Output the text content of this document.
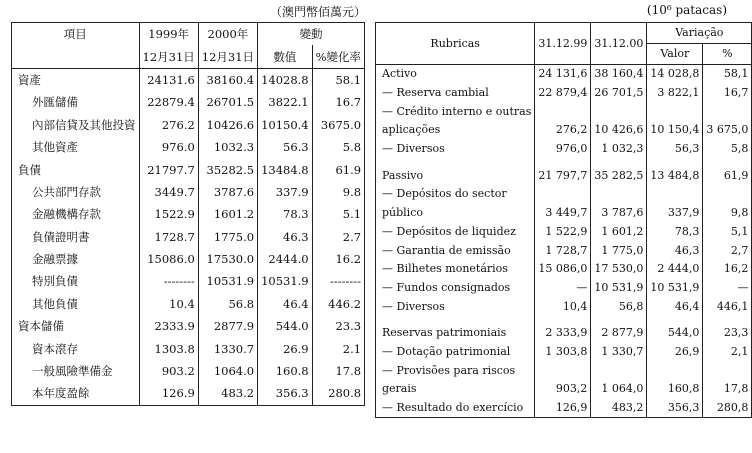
（澳門幣佰萬元）	(10⁶ patacas)
項目	1999年	2000年	變動	
	12月31日	12月31日	數值	%變化率
資產	24131.6	38160.4	14028.8	58.1
外匯儲備	22879.4	26701.5	3822.1	16.7
內部信貸及其他投資	276.2	10426.6	10150.4	3675.0
其他資產	976.0	1032.3	56.3	5.8
負債	21797.7	35282.5	13484.8	61.9
公共部門存款	3449.7	3787.6	337.9	9.8
金融機構存款	1522.9	1601.2	78.3	5.1
負債證明書	1728.7	1775.0	46.3	2.7
金融票據	15086.0	17530.0	2444.0	16.2
特別負債	--------	10531.9	10531.9	--------
其他負債	10.4	56.8	46.4	446.2
資本儲備	2333.9	2877.9	544.0	23.3
資本滾存	1303.8	1330.7	26.9	2.1
一般風險準備金	903.2	1064.0	160.8	17.8
本年度盈餘	126.9	483.2	356.3	280.8
Rubricas	31.12.99	31.12.00	Variação	
			Valor	%
Activo	24 131,6	38 160,4	14 028,8	58,1
— Reserva cambial	22 879,4	26 701,5	3 822,1	16,7
— Crédito interno e outras				
aplicações	276,2	10 426,6	10 150,4	3 675,0
— Diversos	976,0	1 032,3	56,3	5,8

Passivo	21 797,7	35 282,5	13 484,8	61,9
— Depósitos do sector				
público	3 449,7	3 787,6	337,9	9,8
— Depósitos de liquidez	1 522,9	1 601,2	78,3	5,1
— Garantia de emissão	1 728,7	1 775,0	46,3	2,7
— Bilhetes monetários	15 086,0	17 530,0	2 444,0	16,2
— Fundos consignados	—	10 531,9	10 531,9	—
— Diversos	10,4	56,8	46,4	446,1

Reservas patrimoniais	2 333,9	2 877,9	544,0	23,3
— Dotação patrimonial	1 303,8	1 330,7	26,9	2,1
— Provisões para riscos				
gerais	903,2	1 064,0	160,8	17,8
— Resultado do exercício	126,9	483,2	356,3	280,8
